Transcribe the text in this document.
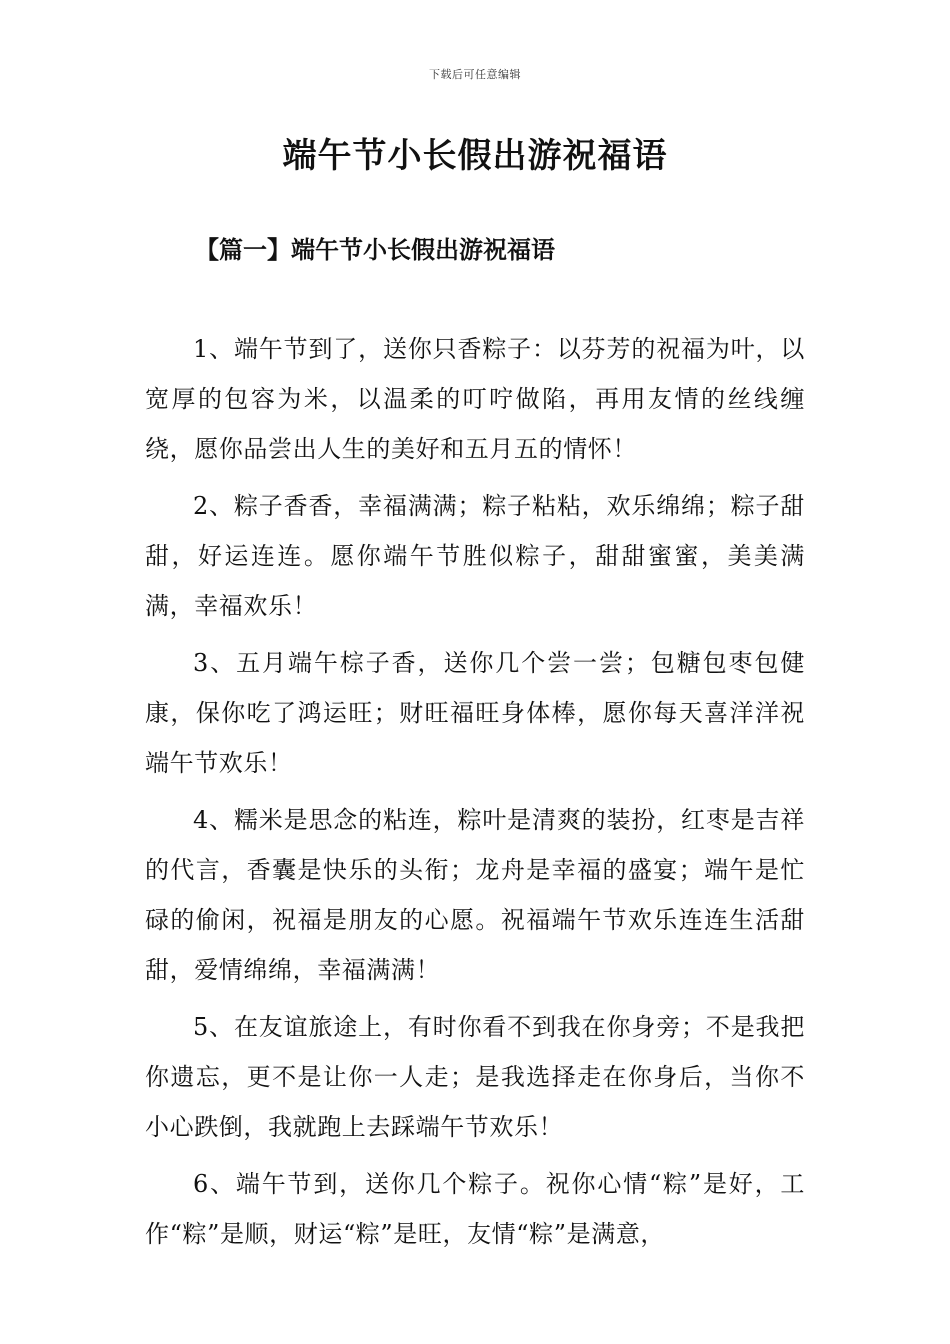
下载后可任意编辑
端午节小长假出游祝福语
【篇一】端午节小长假出游祝福语

1、端午节到了，送你只香粽子：以芬芳的祝福为叶，以宽厚的包容为米，以温柔的叮咛做陷，再用友情的丝线缠绕，愿你品尝出人生的美好和五月五的情怀！

2、粽子香香，幸福满满；粽子粘粘，欢乐绵绵；粽子甜甜，好运连连。愿你端午节胜似粽子，甜甜蜜蜜，美美满满，幸福欢乐！

3、五月端午棕子香，送你几个尝一尝；包糖包枣包健康，保你吃了鸿运旺；财旺福旺身体棒，愿你每天喜洋洋祝端午节欢乐！

4、糯米是思念的粘连，粽叶是清爽的装扮，红枣是吉祥的代言，香囊是快乐的头衔；龙舟是幸福的盛宴；端午是忙碌的偷闲，祝福是朋友的心愿。祝福端午节欢乐连连生活甜甜，爱情绵绵，幸福满满！

5、在友谊旅途上，有时你看不到我在你身旁；不是我把你遗忘，更不是让你一人走；是我选择走在你身后，当你不小心跌倒，我就跑上去踩端午节欢乐！

6、端午节到，送你几个粽子。祝你心情“粽”是好，工作“粽”是顺，财运“粽”是旺，友情“粽”是满意，
